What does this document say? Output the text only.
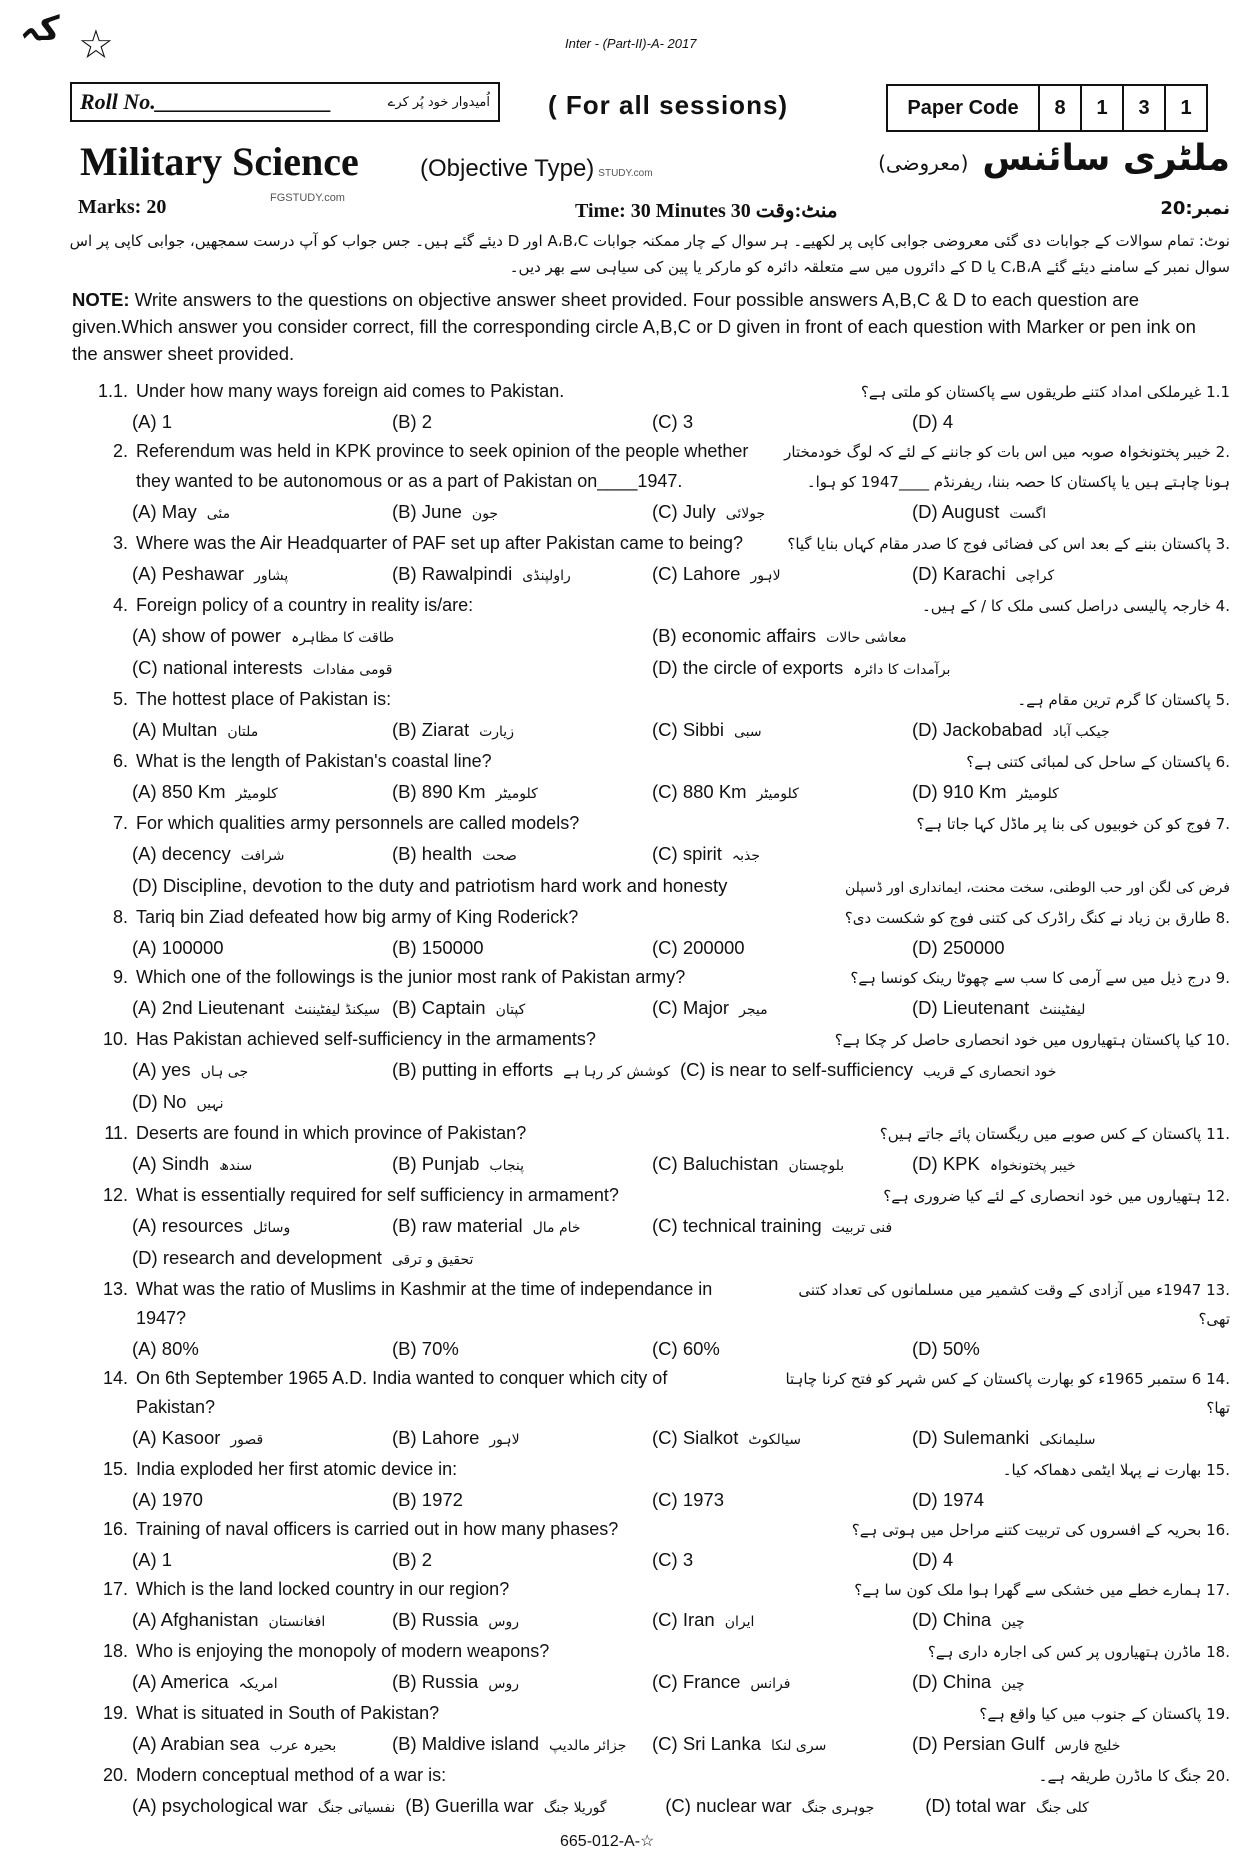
کہ ☆	Inter - (Part-II)-A- 2017
Roll No.________________	اُمیدوار خود پُر کرے ( For all sessions)	Paper Code	8	1	3	1
Military Science	(Objective Type) STUDY.com	(معروضی) ملٹری سائنس
Marks: 20	FGSTUDY.com
Time: 30 Minutes 30 منٹ:وقت	نمبر:20
نوٹ: تمام سوالات کے جوابات دی گئی معروضی جوابی کاپی پر لکھیے۔ ہر سوال کے چار ممکنہ جوابات A،B،C اور D دیئے گئے ہیں۔ جس جواب کو آپ درست سمجھیں، جوابی کاپی پر اس سوال نمبر کے سامنے دیئے گئے C،B،A یا D کے دائروں میں سے متعلقہ دائرہ کو مارکر یا پین کی سیاہی سے بھر دیں۔
NOTE: Write answers to the questions on objective answer sheet provided. Four possible answers A,B,C & D to each question are given.Which answer you consider correct, fill the corresponding circle A,B,C or D given in front of each question with Marker or pen ink on the answer sheet provided.
1.1. Under how many ways foreign aid comes to Pakistan.	1.1 غیرملکی امداد کتنے طریقوں سے پاکستان کو ملتی ہے؟
(A) 1	(B) 2	(C) 3	(D) 4
2. Referendum was held in KPK province to seek opinion of the people whether	.2 خیبر پختونخواہ صوبہ میں اس بات کو جاننے کے لئے کہ لوگ خودمختار
they wanted to be autonomous or as a part of Pakistan on____1947.	ہونا چاہتے ہیں یا پاکستان کا حصہ بننا، ریفرنڈم ____1947 کو ہوا۔
(A) May مئی	(B) June جون	(C) July جولائی	(D) August اگست
3. Where was the Air Headquarter of PAF set up after Pakistan came to being?	.3 پاکستان بننے کے بعد اس کی فضائی فوج کا صدر مقام کہاں بنایا گیا؟
(A) Peshawar پشاور	(B) Rawalpindi راولپنڈی	(C) Lahore لاہور	(D) Karachi کراچی
4. Foreign policy of a country in reality is/are:	.4 خارجہ پالیسی دراصل کسی ملک کا / کے ہیں۔
(A) show of power طاقت کا مظاہرہ	(B) economic affairs معاشی حالات
(C) national interests قومی مفادات	(D) the circle of exports برآمدات کا دائرہ
5. The hottest place of Pakistan is:	.5 پاکستان کا گرم ترین مقام ہے۔
(A) Multan ملتان	(B) Ziarat زیارت	(C) Sibbi سبی	(D) Jackobabad جیکب آباد
6. What is the length of Pakistan's coastal line?	.6 پاکستان کے ساحل کی لمبائی کتنی ہے؟
(A) 850 Km کلومیٹر	(B) 890 Km کلومیٹر	(C) 880 Km کلومیٹر	(D) 910 Km کلومیٹر
7. For which qualities army personnels are called models?	.7 فوج کو کن خوبیوں کی بنا پر ماڈل کہا جاتا ہے؟
(A) decency شرافت	(B) health صحت	(C) spirit جذبہ
(D) Discipline, devotion to the duty and patriotism hard work and honesty	فرض کی لگن اور حب الوطنی، سخت محنت، ایمانداری اور ڈسپلن
8. Tariq bin Ziad defeated how big army of King Roderick?	.8 طارق بن زیاد نے کنگ راڈرک کی کتنی فوج کو شکست دی؟
(A) 100000	(B) 150000	(C) 200000	(D) 250000
9. Which one of the followings is the junior most rank of Pakistan army?	.9 درج ذیل میں سے آرمی کا سب سے چھوٹا رینک کونسا ہے؟
(A) 2nd Lieutenant سیکنڈ لیفٹیننٹ (B) Captain کپتان	(C) Major میجر	(D) Lieutenant لیفٹیننٹ
10. Has Pakistan achieved self-sufficiency in the armaments?	.10 کیا پاکستان ہتھیاروں میں خود انحصاری حاصل کر چکا ہے؟
(A) yes جی ہاں	(B) putting in efforts کوشش کر رہا ہے (C) is near to self-sufficiency خود انحصاری کے قریب
(D) No نہیں
11. Deserts are found in which province of Pakistan?	.11 پاکستان کے کس صوبے میں ریگستان پائے جاتے ہیں؟
(A) Sindh سندھ	(B) Punjab پنجاب	(C) Baluchistan بلوچستان	(D) KPK خیبر پختونخواہ
12. What is essentially required for self sufficiency in armament?	.12 ہتھیاروں میں خود انحصاری کے لئے کیا ضروری ہے؟
(A) resources وسائل	(B) raw material خام مال	(C) technical training فنی تربیت
(D) research and development تحقیق و ترقی
13. What was the ratio of Muslims in Kashmir at the time of independance in 1947?
.13 1947ء میں آزادی کے وقت کشمیر میں مسلمانوں کی تعداد کتنی تھی؟
(A) 80%	(B) 70%	(C) 60%	(D) 50%
14. On 6th September 1965 A.D. India wanted to conquer which city of Pakistan?
.14 6 ستمبر 1965ء کو بھارت پاکستان کے کس شہر کو فتح کرنا چاہتا تھا؟
(A) Kasoor قصور	(B) Lahore لاہور	(C) Sialkot سیالکوٹ	(D) Sulemanki سلیمانکی
15. India exploded her first atomic device in:	.15 بھارت نے پہلا ایٹمی دھماکہ کیا۔
(A) 1970	(B) 1972	(C) 1973	(D) 1974
16. Training of naval officers is carried out in how many phases?	.16 بحریہ کے افسروں کی تربیت کتنے مراحل میں ہوتی ہے؟
(A) 1	(B) 2	(C) 3	(D) 4
17. Which is the land locked country in our region?	.17 ہمارے خطے میں خشکی سے گھرا ہوا ملک کون سا ہے؟
(A) Afghanistan افغانستان	(B) Russia روس	(C) Iran ایران	(D) China چین
18. Who is enjoying the monopoly of modern weapons?	.18 ماڈرن ہتھیاروں پر کس کی اجارہ داری ہے؟
(A) America امریکہ	(B) Russia روس	(C) France فرانس	(D) China چین
19. What is situated in South of Pakistan?	.19 پاکستان کے جنوب میں کیا واقع ہے؟
(A) Arabian sea بحیرہ عرب	(B) Maldive island جزائر مالدیپ	(C) Sri Lanka سری لنکا	(D) Persian Gulf خلیج فارس
20. Modern conceptual method of a war is:	.20 جنگ کا ماڈرن طریقہ ہے۔
(A) psychological war نفسیاتی جنگ (B) Guerilla war گوریلا جنگ	(C) nuclear war جوہری جنگ	(D) total war کلی جنگ
665-012-A-☆
